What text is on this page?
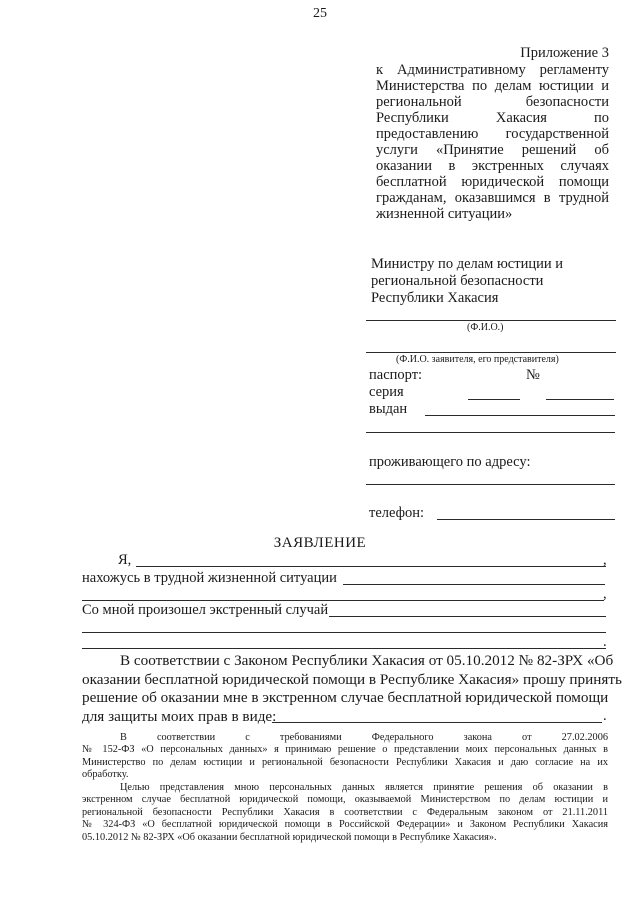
25
Приложение 3
к Административному регламенту
Министерства по делам юстиции и
региональной безопасности
Республики Хакасия по
предоставлению государственной
услуги «Принятие решений об
оказании в экстренных случаях
бесплатной юридической помощи
гражданам, оказавшимся в трудной
жизненной ситуации»
Министру по делам юстиции и
региональной безопасности
Республики Хакасия
(Ф.И.О.)
(Ф.И.О. заявителя, его представителя)
паспорт:	№
серия
выдан
проживающего по адресу:
телефон:
ЗАЯВЛЕНИЕ
Я,	,
нахожусь в трудной жизненной ситуации
,
Со мной произошел экстренный случай
.
В соответствии с Законом Республики Хакасия от 05.10.2012 № 82-ЗРХ «Об
оказании бесплатной юридической помощи в Республике Хакасия» прошу принять
решение об оказании мне в экстренном случае бесплатной юридической помощи
для защиты моих прав в виде:	.
В соответствии с требованиями Федерального закона от 27.02.2006
№ 152-ФЗ «О персональных данных» я принимаю решение о представлении моих персональных данных в
Министерство по делам юстиции и региональной безопасности Республики Хакасия и даю согласие на их
обработку.
Целью представления мною персональных данных является принятие решения об оказании в
экстренном случае бесплатной юридической помощи, оказываемой Министерством по делам юстиции и
региональной безопасности Республики Хакасия в соответствии с Федеральным законом от 21.11.2011
№ 324-ФЗ «О бесплатной юридической помощи в Российской Федерации» и Законом Республики Хакасия
05.10.2012 № 82-ЗРХ «Об оказании бесплатной юридической помощи в Республике Хакасия».
